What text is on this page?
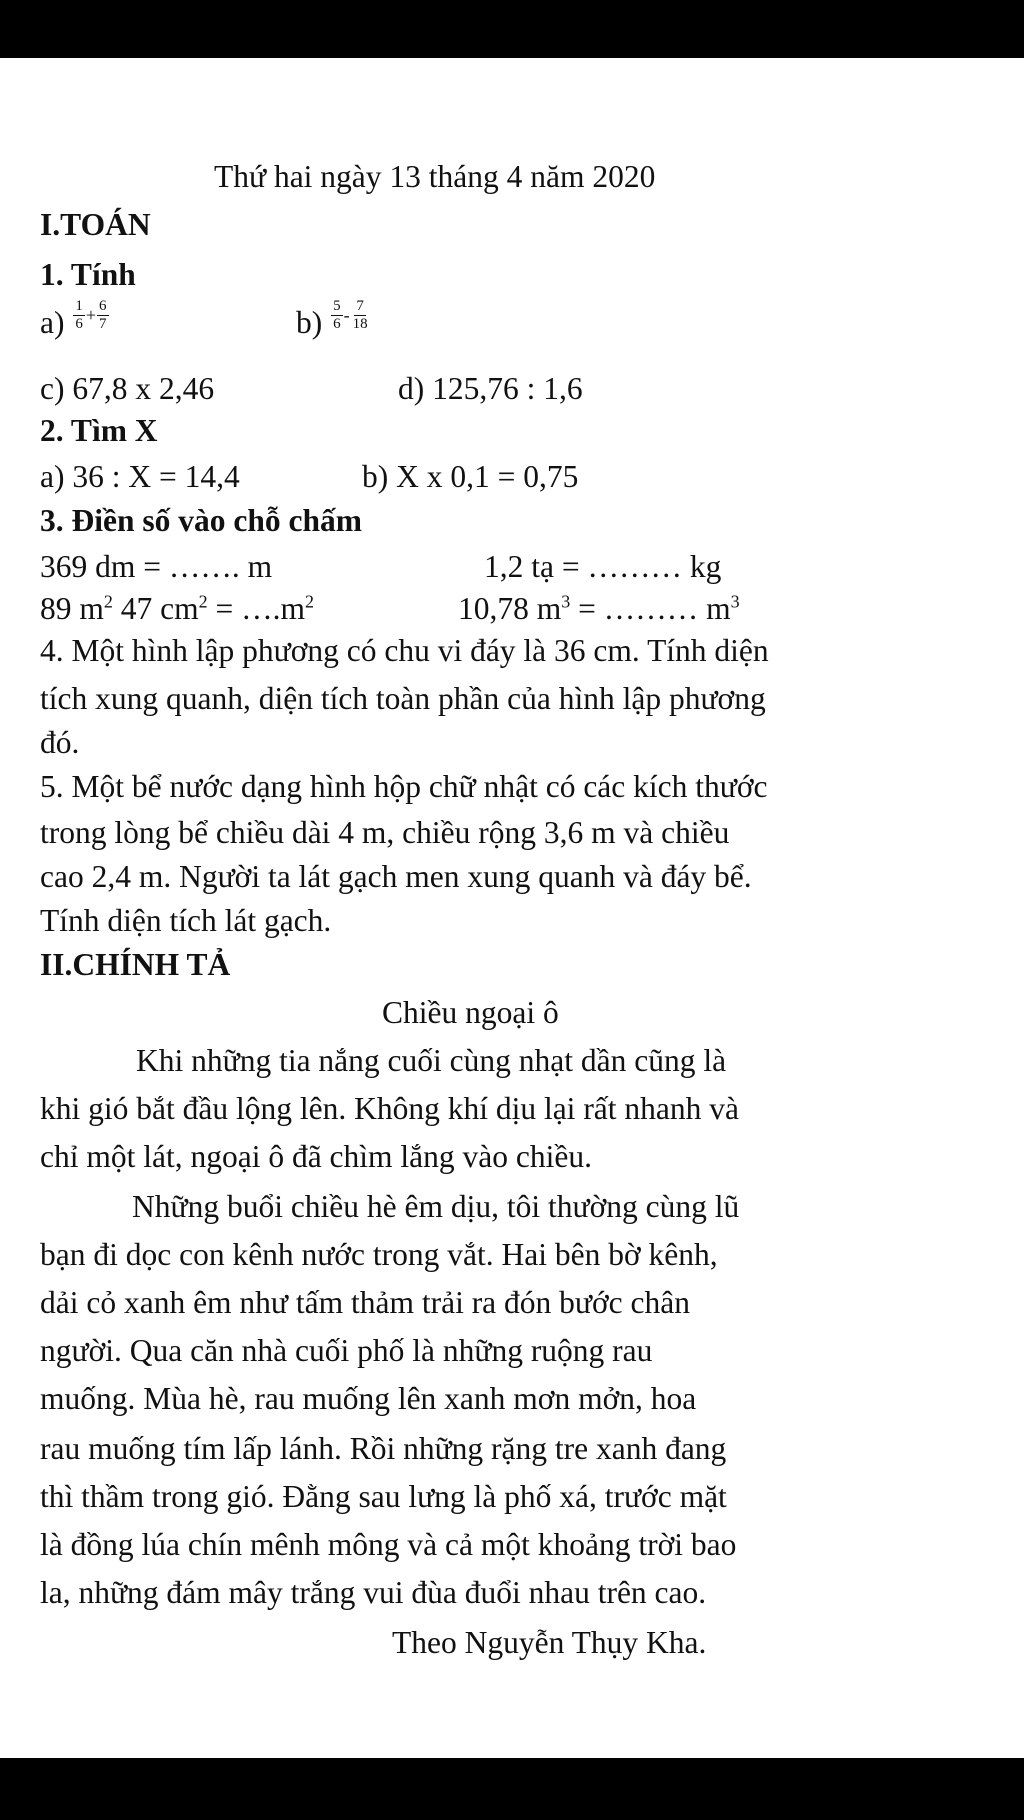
Thứ hai ngày 13 tháng 4 năm 2020
I.TOÁN
1. Tính
$a) \frac{1}{6} ^+ \frac{6}{7}$	$b) \frac{5}{6} ^- \frac{7}{18}$
c) 67,8 x 2,46	d) 125,76 : 1,6
2. Tìm X
a) 36 : X = 14,4	b) X x 0,1 = 0,75
3. Điền số vào chỗ chấm
369 dm = ……. m	1,2 tạ = ……… kg
89 $m^2$ 47 $cm^2$ = $\dots.m^2$	10,78 $m^3$ = ……… $m^3$
4. Một hình lập phương có chu vi đáy là 36 cm. Tính diện
tích xung quanh, diện tích toàn phần của hình lập phương
đó.
5. Một bể nước dạng hình hộp chữ nhật có các kích thước
trong lòng bể chiều dài 4 m, chiều rộng 3,6 m và chiều
cao 2,4 m. Người ta lát gạch men xung quanh và đáy bể.
Tính diện tích lát gạch.
II.CHÍNH TẢ
Chiều ngoại ô
Khi những tia nắng cuối cùng nhạt dần cũng là
khi gió bắt đầu lộng lên. Không khí dịu lại rất nhanh và
chỉ một lát, ngoại ô đã chìm lắng vào chiều.
Những buổi chiều hè êm dịu, tôi thường cùng lũ
bạn đi dọc con kênh nước trong vắt. Hai bên bờ kênh,
dải cỏ xanh êm như tấm thảm trải ra đón bước chân
người. Qua căn nhà cuối phố là những ruộng rau
muống. Mùa hè, rau muống lên xanh mơn mởn, hoa
rau muống tím lấp lánh. Rồi những rặng tre xanh đang
thì thầm trong gió. Đằng sau lưng là phố xá, trước mặt
là đồng lúa chín mênh mông và cả một khoảng trời bao
la, những đám mây trắng vui đùa đuổi nhau trên cao.
Theo Nguyễn Thụy Kha.
